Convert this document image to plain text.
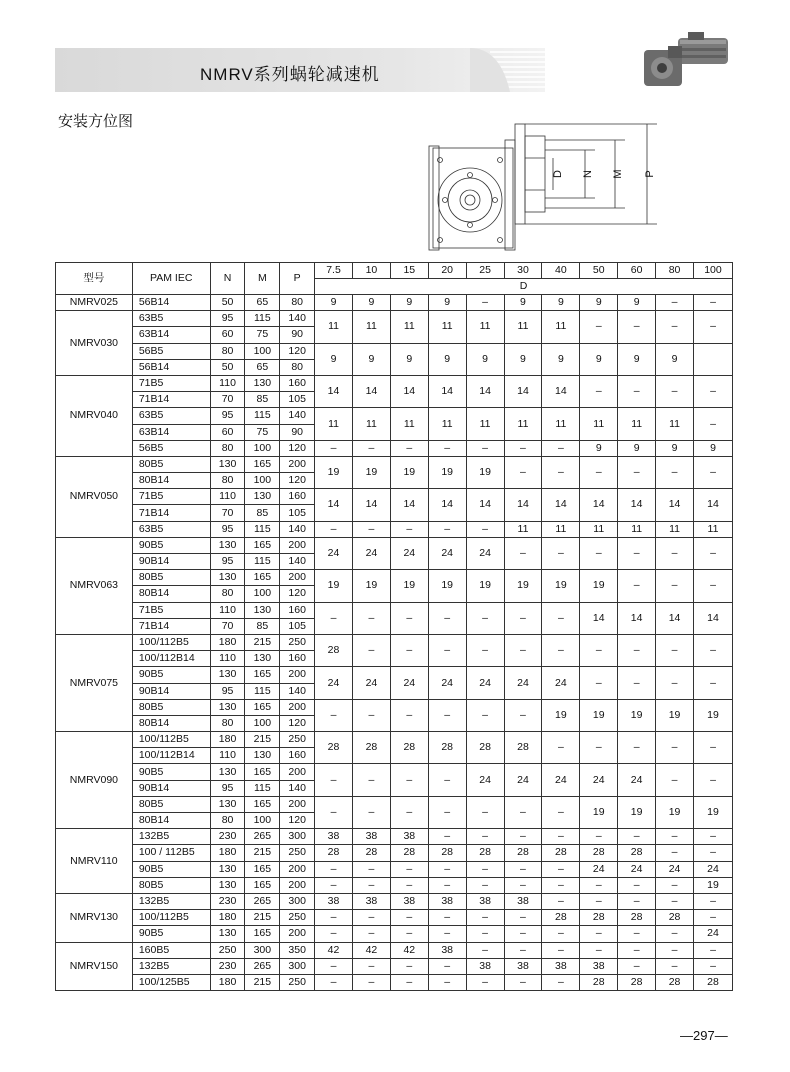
NMRV系列蜗轮减速机
安装方位图
D N M P
型号	PAM IEC	N	M	P	7.5	10	15	20	25	30	40	50	60	80	100
					D										
NMRV025	56B14	50	65	80	9	9	9	9	–	9	9	9	9	–	–
NMRV030	63B5	95	115	140	11	11	11	11	11	11	11	–	–	–	–
	63B14	60	75	90											
	56B5	80	100	120	9	9	9	9	9	9	9	9	9	9	
	56B14	50	65	80											
NMRV040	71B5	110	130	160	14	14	14	14	14	14	14	–	–	–	–
	71B14	70	85	105											
	63B5	95	115	140	11	11	11	11	11	11	11	11	11	11	–
	63B14	60	75	90											
	56B5	80	100	120	–	–	–	–	–	–	–	9	9	9	9
NMRV050	80B5	130	165	200	19	19	19	19	19	–	–	–	–	–	–
	80B14	80	100	120											
	71B5	110	130	160	14	14	14	14	14	14	14	14	14	14	14
	71B14	70	85	105											
	63B5	95	115	140	–	–	–	–	–	11	11	11	11	11	11
NMRV063	90B5	130	165	200	24	24	24	24	24	–	–	–	–	–	–
	90B14	95	115	140											
	80B5	130	165	200	19	19	19	19	19	19	19	19	–	–	–
	80B14	80	100	120											
	71B5	110	130	160	–	–	–	–	–	–	–	14	14	14	14
	71B14	70	85	105											
NMRV075	100/112B5	180	215	250	28	–	–	–	–	–	–	–	–	–	–
	100/112B14	110	130	160											
	90B5	130	165	200	24	24	24	24	24	24	24	–	–	–	–
	90B14	95	115	140											
	80B5	130	165	200	–	–	–	–	–	–	19	19	19	19	19
	80B14	80	100	120											
NMRV090	100/112B5	180	215	250	28	28	28	28	28	28	–	–	–	–	–
	100/112B14	110	130	160											
	90B5	130	165	200	–	–	–	–	24	24	24	24	24	–	–
	90B14	95	115	140											
	80B5	130	165	200	–	–	–	–	–	–	–	19	19	19	19
	80B14	80	100	120											
NMRV110	132B5	230	265	300	38	38	38	–	–	–	–	–	–	–	–
	100 / 112B5	180	215	250	28	28	28	28	28	28	28	28	28	–	–
	90B5	130	165	200	–	–	–	–	–	–	–	24	24	24	24
	80B5	130	165	200	–	–	–	–	–	–	–	–	–	–	19
NMRV130	132B5	230	265	300	38	38	38	38	38	38	–	–	–	–	–
	100/112B5	180	215	250	–	–	–	–	–	–	28	28	28	28	–
	90B5	130	165	200	–	–	–	–	–	–	–	–	–	–	24
NMRV150	160B5	250	300	350	42	42	42	38	–	–	–	–	–	–	–
	132B5	230	265	300	–	–	–	–	38	38	38	38	–	–	–
	100/125B5	180	215	250	–	–	–	–	–	–	–	28	28	28	28
—297—
